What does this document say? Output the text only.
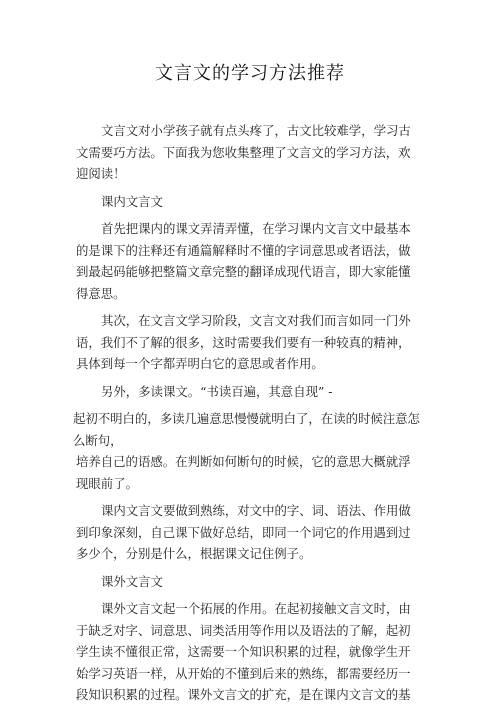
文言文的学习方法推荐

文言文对小学孩子就有点头疼了，古文比较难学，学习古文需要巧方法。下面我为您收集整理了文言文的学习方法，欢迎阅读！

课内文言文

首先把课内的课文弄清弄懂，在学习课内文言文中最基本的是课下的注释还有通篇解释时不懂的字词意思或者语法，做到最起码能够把整篇文章完整的翻译成现代语言，即大家能懂得意思。

其次，在文言文学习阶段，文言文对我们而言如同一门外语，我们不了解的很多，这时需要我们要有一种较真的精神，具体到每一个字都弄明白它的意思或者作用。

另外，多读课文。“书读百遍，其意自现” -

起初不明白的，多读几遍意思慢慢就明白了，在读的时候注意怎么断句，

培养自己的语感。在判断如何断句的时候，它的意思大概就浮现眼前了。

课内文言文要做到熟练，对文中的字、词、语法、作用做到印象深刻，自己课下做好总结，即同一个词它的作用遇到过多少个，分别是什么，根据课文记住例子。

课外文言文

课外文言文起一个拓展的作用。在起初接触文言文时，由于缺乏对字、词意思、词类活用等作用以及语法的了解，起初学生读不懂很正常，这需要一个知识积累的过程，就像学生开始学习英语一样，从开始的不懂到后来的熟练，都需要经历一段知识积累的过程。课外文言文的扩充，是在课内文言文的基
